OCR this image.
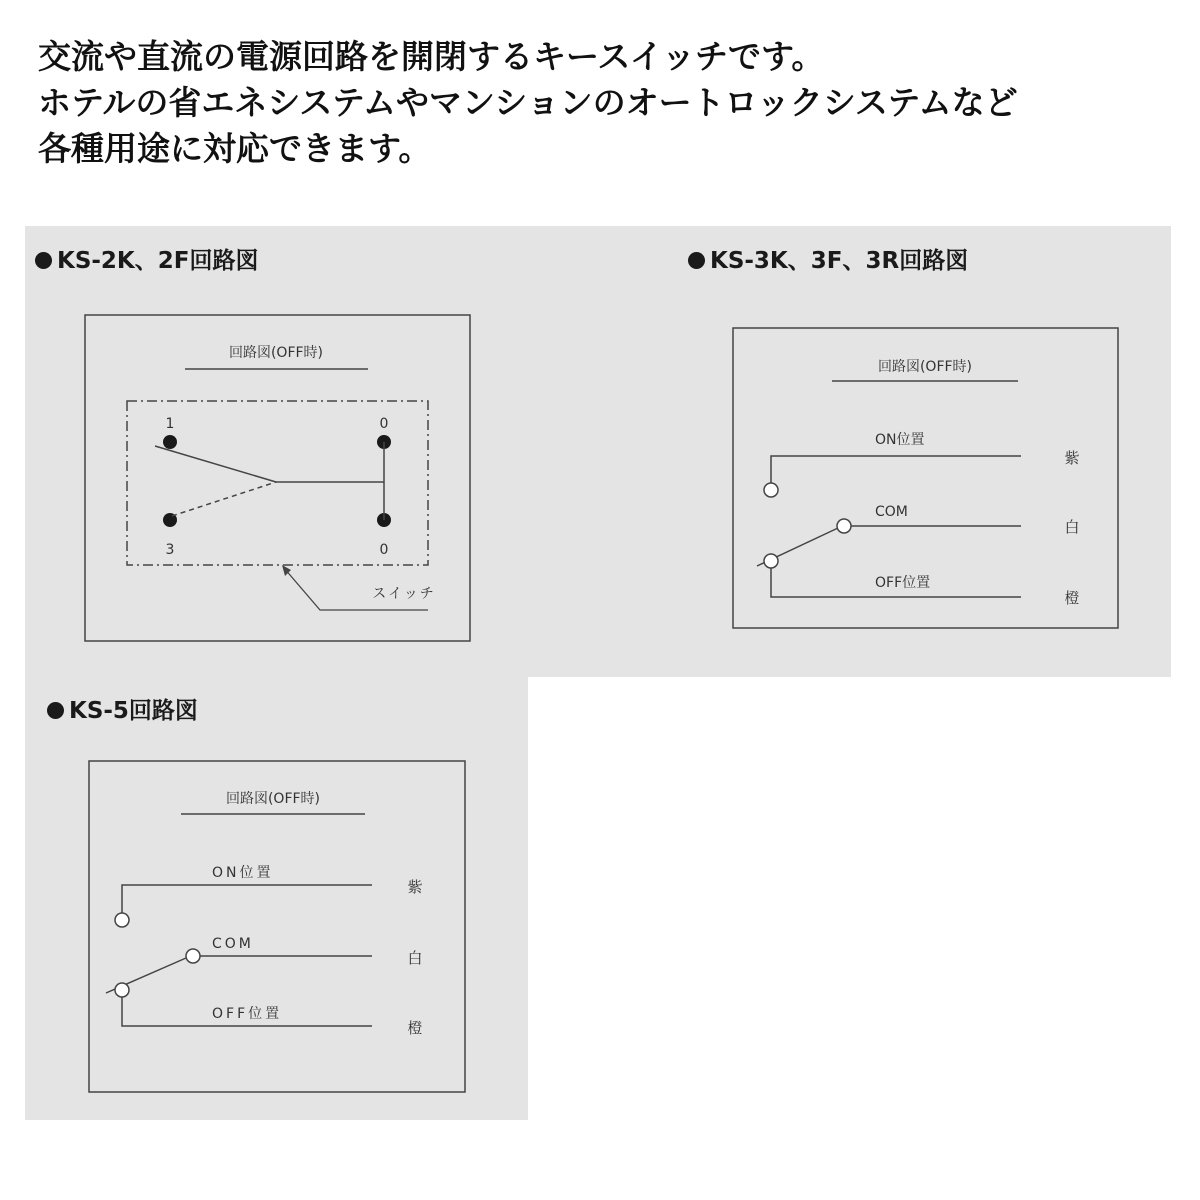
交流や直流の電源回路を開閉するキースイッチです。
ホテルの省エネシステムやマンションのオートロックシステムなど
各種用途に対応できます。
KS-2K、2F回路図	KS-3K、3F、3R回路図
KS-5回路図
回路図(OFF時)
1	0
3	0
スイッチ
回路図(OFF時)
ON位置
COM
OFF位置
紫
白
橙
回路図(OFF時)
ON位置
COM
OFF位置
紫
白
橙
